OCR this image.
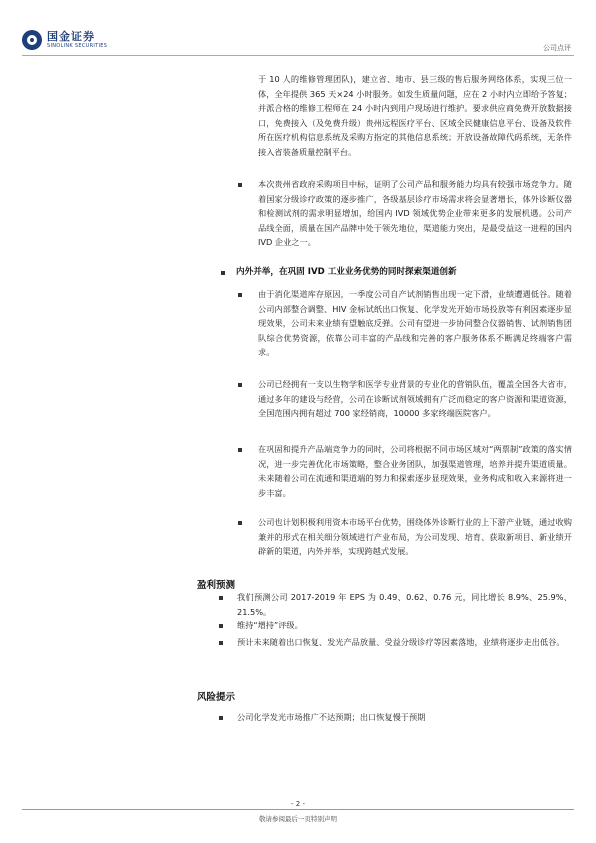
国金证券
SINOLINK SECURITIES	公司点评

于 10 人的维修管理团队)，建立省、地市、县三级的售后服务网络体系，实现三位一体，全年提供 365 天×24 小时服务。如发生质量问题，应在 2 小时内立即给予答复；并派合格的维修工程师在 24 小时内到用户现场进行维护。要求供应商免费开放数据接口，免费接入（及免费升级）贵州远程医疗平台、区域全民健康信息平台、设备及软件所在医疗机构信息系统及采购方指定的其他信息系统；开放设备故障代码系统，无条件接入省装备质量控制平台。

本次贵州省政府采购项目中标，证明了公司产品和服务能力均具有较强市场竞争力。随着国家分级诊疗政策的逐步推广，各级基层诊疗市场需求将会显著增长，体外诊断仪器和检测试剂的需求明显增加，给国内 IVD 领域优势企业带来更多的发展机遇。公司产品线全面，质量在国产品牌中处于领先地位，渠道能力突出，是最受益这一进程的国内 IVD 企业之一。

内外并举，在巩固 IVD 工业业务优势的同时探索渠道创新

由于消化渠道库存原因，一季度公司自产试剂销售出现一定下滑，业绩遭遇低谷。随着公司内部整合调整、HIV 金标试纸出口恢复、化学发光开始市场投放等有利因素逐步显现效果，公司未来业绩有望触底反弹。公司有望进一步协同整合仪器销售、试剂销售团队综合优势资源，依靠公司丰富的产品线和完善的客户服务体系不断满足终端客户需求。

公司已经拥有一支以生物学和医学专业背景的专业化的营销队伍，覆盖全国各大省市，通过多年的建设与经营，公司在诊断试剂领域拥有广泛而稳定的客户资源和渠道资源，全国范围内拥有超过 700 家经销商，10000 多家终端医院客户。

在巩固和提升产品端竞争力的同时，公司将根据不同市场区域对“两票制”政策的落实情况，进一步完善优化市场策略，整合业务团队，加强渠道管理，培养并提升渠道质量。未来随着公司在流通和渠道端的努力和探索逐步显现效果，业务构成和收入来源将进一步丰富。

公司也计划积极利用资本市场平台优势，围绕体外诊断行业的上下游产业链，通过收购兼并的形式在相关细分领域进行产业布局，为公司发现、培育、获取新项目、新业绩开辟新的渠道，内外并举，实现跨越式发展。

盈利预测

我们预测公司 2017-2019 年 EPS 为 0.49、0.62、0.76 元，同比增长 8.9%、25.9%、21.5%。

维持“增持”评级。

预计未来随着出口恢复、发光产品放量、受益分级诊疗等因素落地，业绩将逐步走出低谷。

风险提示

公司化学发光市场推广不达预期；出口恢复慢于预期

- 2 -
敬请参阅最后一页特别声明
